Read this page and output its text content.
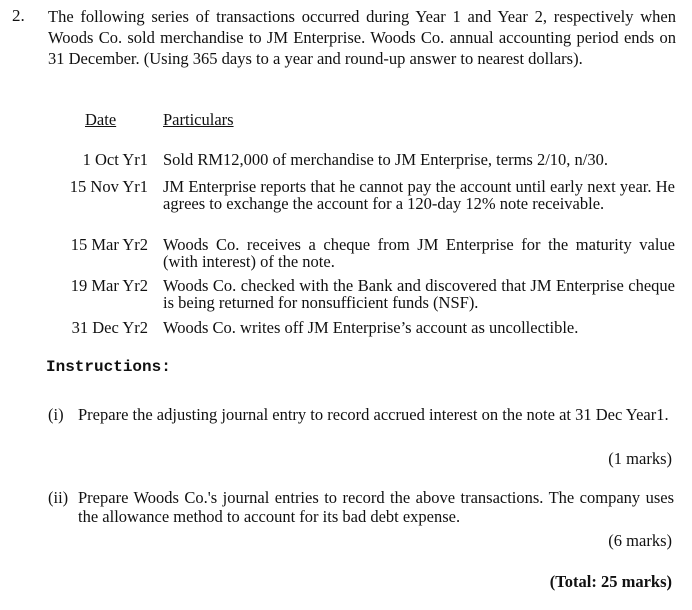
2. The following series of transactions occurred during Year 1 and Year 2, respectively when Woods Co. sold merchandise to JM Enterprise. Woods Co. annual accounting period ends on 31 December. (Using 365 days to a year and round-up answer to nearest dollars).
Date	Particulars
1 Oct Yr1 Sold RM12,000 of merchandise to JM Enterprise, terms 2/10, n/30.
15 Nov Yr1 JM Enterprise reports that he cannot pay the account until early next year. He agrees to exchange the account for a 120-day 12% note receivable.
15 Mar Yr2 Woods Co. receives a cheque from JM Enterprise for the maturity value (with interest) of the note.
19 Mar Yr2 Woods Co. checked with the Bank and discovered that JM Enterprise cheque is being returned for nonsufficient funds (NSF).
31 Dec Yr2 Woods Co. writes off JM Enterprise’s account as uncollectible.
Instructions:
(i) Prepare the adjusting journal entry to record accrued interest on the note at 31 Dec Year1.
(1 marks)
(ii) Prepare Woods Co.'s journal entries to record the above transactions. The company uses the allowance method to account for its bad debt expense.
(6 marks)
(Total: 25 marks)
